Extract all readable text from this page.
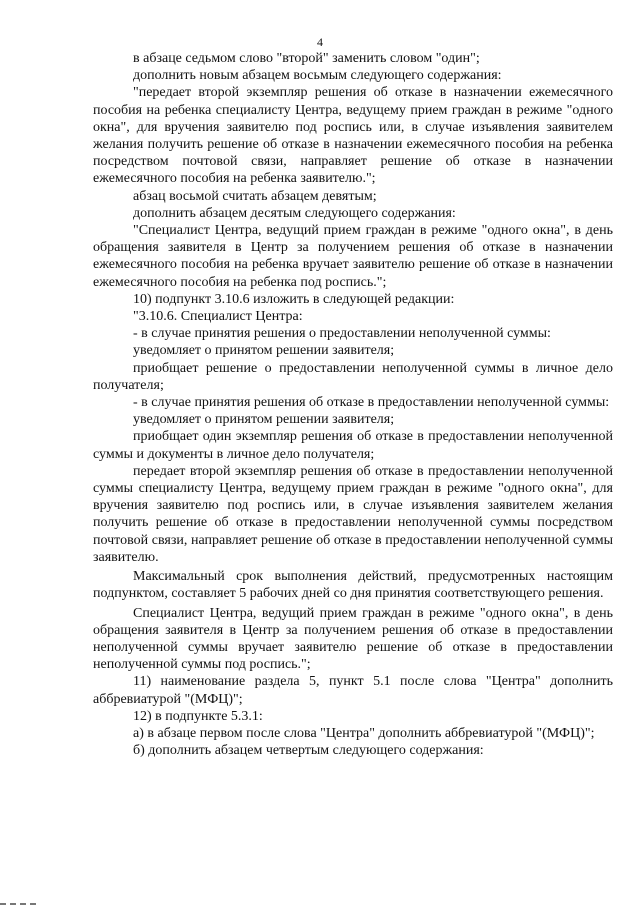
4

в абзаце седьмом слово "второй" заменить словом "один";

дополнить новым абзацем восьмым следующего содержания:

"передает второй экземпляр решения об отказе в назначении ежемесячного пособия на ребенка специалисту Центра, ведущему прием граждан в режиме "одного окна", для вручения заявителю под роспись или, в случае изъявления заявителем желания получить решение об отказе в назначении ежемесячного пособия на ребенка посредством почтовой связи, направляет решение об отказе в назначении ежемесячного пособия на ребенка заявителю.";

абзац восьмой считать абзацем девятым;

дополнить абзацем десятым следующего содержания:

"Специалист Центра, ведущий прием граждан в режиме "одного окна", в день обращения заявителя в Центр за получением решения об отказе в назначении ежемесячного пособия на ребенка вручает заявителю решение об отказе в назначении ежемесячного пособия на ребенка под роспись.";

10) подпункт 3.10.6 изложить в следующей редакции:

"3.10.6. Специалист Центра:

- в случае принятия решения о предоставлении неполученной суммы:

уведомляет о принятом решении заявителя;

приобщает решение о предоставлении неполученной суммы в личное дело получателя;

- в случае принятия решения об отказе в предоставлении неполученной суммы:

уведомляет о принятом решении заявителя;

приобщает один экземпляр решения об отказе в предоставлении неполученной суммы и документы в личное дело получателя;

передает второй экземпляр решения об отказе в предоставлении неполученной суммы специалисту Центра, ведущему прием граждан в режиме "одного окна", для вручения заявителю под роспись или, в случае изъявления заявителем желания получить решение об отказе в предоставлении неполученной суммы посредством почтовой связи, направляет решение об отказе в предоставлении неполученной суммы заявителю.

Максимальный срок выполнения действий, предусмотренных настоящим подпунктом, составляет 5 рабочих дней со дня принятия соответствующего решения.

Специалист Центра, ведущий прием граждан в режиме "одного окна", в день обращения заявителя в Центр за получением решения об отказе в предоставлении неполученной суммы вручает заявителю решение об отказе в предоставлении неполученной суммы под роспись.";

11) наименование раздела 5, пункт 5.1 после слова "Центра" дополнить аббревиатурой "(МФЦ)";

12) в подпункте 5.3.1:

а) в абзаце первом после слова "Центра" дополнить аббревиатурой "(МФЦ)";

б) дополнить абзацем четвертым следующего содержания:
